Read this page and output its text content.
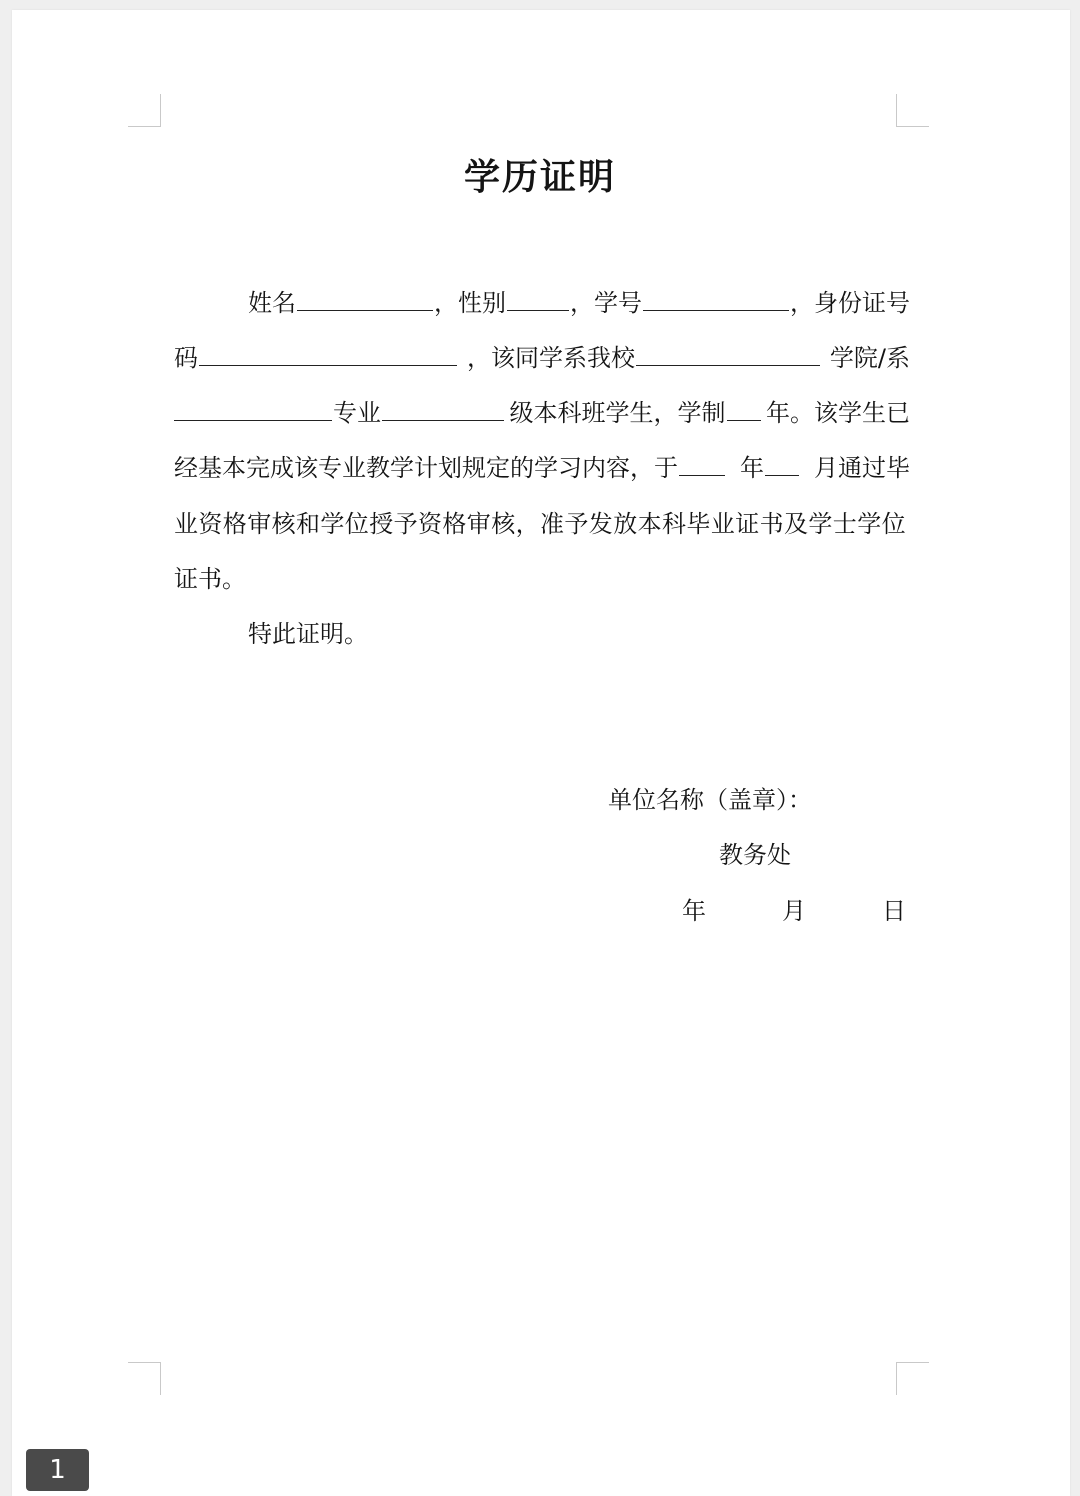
学历证明
姓名	，性别	，学号	，身份证号
码	，该同学系我校	学院/系
专业	级本科班学生，学制	年。该学生已
经基本完成该专业教学计划规定的学习内容，于	年	月通过毕
业资格审核和学位授予资格审核，准予发放本科毕业证书及学士学位
证书。
特此证明。
单位名称（盖章）：
教务处
年	月	日
1
